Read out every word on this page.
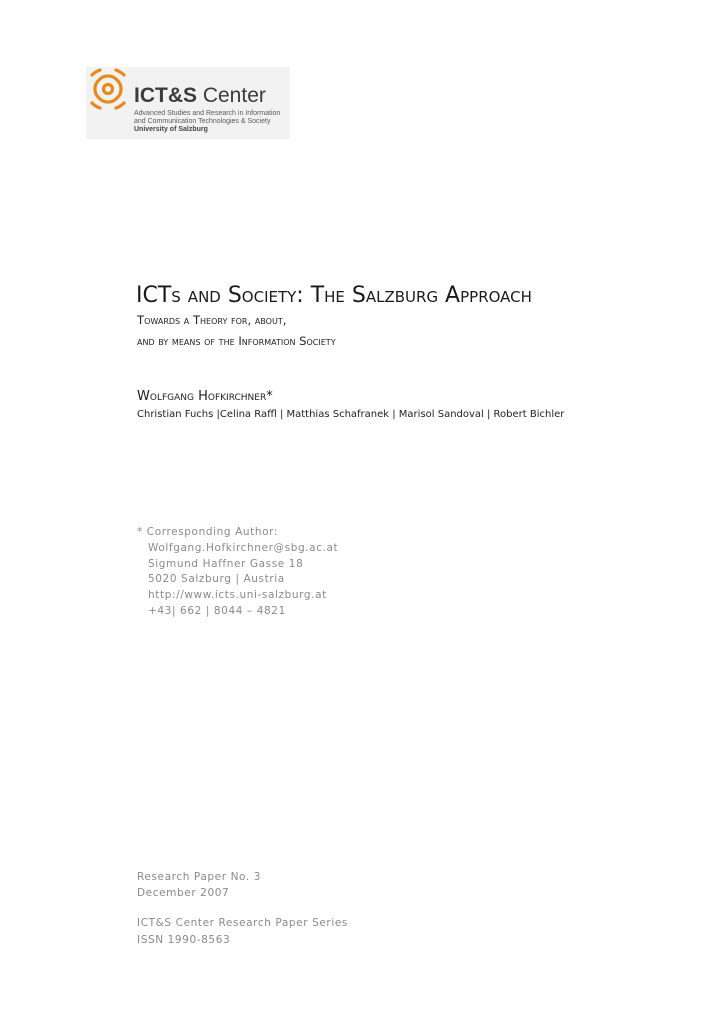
ICT&S Center
Advanced Studies and Research in Information
and Communication Technologies & Society
University of Salzburg
ICTs and Society: The Salzburg Approach
Towards a Theory for, about,
and by means of the Information Society
Wolfgang Hofkirchner*
Christian Fuchs |Celina Raffl | Matthias Schafranek | Marisol Sandoval | Robert Bichler
* Corresponding Author:
Wolfgang.Hofkirchner@sbg.ac.at
Sigmund Haffner Gasse 18
5020 Salzburg | Austria
http://www.icts.uni-salzburg.at
+43| 662 | 8044 – 4821
Research Paper No. 3
December 2007
ICT&S Center Research Paper Series
ISSN 1990-8563
